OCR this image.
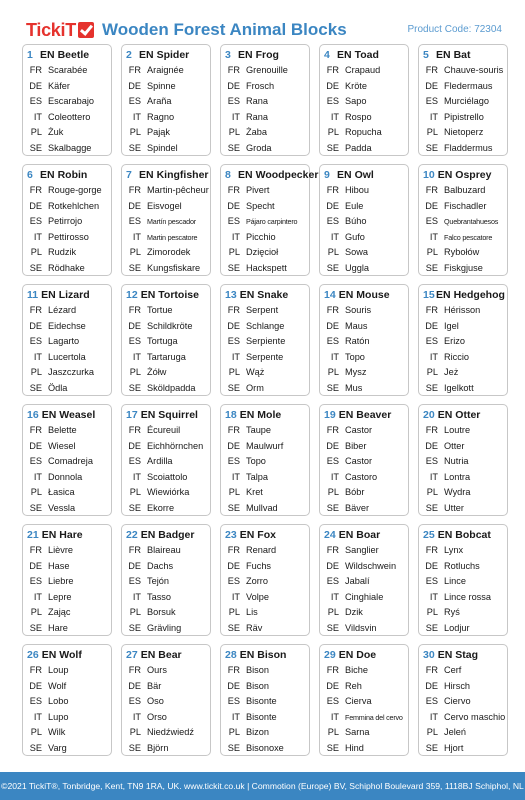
TickiT Wooden Forest Animal Blocks	Product Code: 72304
1 EN Beetle
FR Scarabée
DE Käfer
ES Escarabajo
IT Coleottero
PL Żuk
SE Skalbagge
2 EN Spider
FR Araignée
DE Spinne
ES Araña
IT Ragno
PL Pająk
SE Spindel
3 EN Frog
FR Grenouille
DE Frosch
ES Rana
IT Rana
PL Żaba
SE Groda
4 EN Toad
FR Crapaud
DE Kröte
ES Sapo
IT Rospo
PL Ropucha
SE Padda
5 EN Bat
FR Chauve-souris
DE Fledermaus
ES Murciélago
IT Pipistrello
PL Nietoperz
SE Fladdermus
6 EN Robin
FR Rouge-gorge
DE Rotkehlchen
ES Petirrojo
IT Pettirosso
PL Rudzik
SE Rödhake
7 EN Kingfisher
FR Martin-pêcheur
DE Eisvogel
ES Martín pescador
IT Martin pescatore
PL Zimorodek
SE Kungsfiskare
8 EN Woodpecker
FR Pivert
DE Specht
ES Pájaro carpintero
IT Picchio
PL Dzięcioł
SE Hackspett
9 EN Owl
FR Hibou
DE Eule
ES Búho
IT Gufo
PL Sowa
SE Uggla
10 EN Osprey
FR Balbuzard
DE Fischadler
ES Quebrantahuesos
IT Falco pescatore
PL Rybołów
SE Fiskgjuse
11 EN Lizard
FR Lézard
DE Eidechse
ES Lagarto
IT Lucertola
PL Jaszczurka
SE Ödla
12 EN Tortoise
FR Tortue
DE Schildkröte
ES Tortuga
IT Tartaruga
PL Żółw
SE Sköldpadda
13 EN Snake
FR Serpent
DE Schlange
ES Serpiente
IT Serpente
PL Wąż
SE Orm
14 EN Mouse
FR Souris
DE Maus
ES Ratón
IT Topo
PL Mysz
SE Mus
15 EN Hedgehog
FR Hérisson
DE Igel
ES Erizo
IT Riccio
PL Jeż
SE Igelkott
16 EN Weasel
FR Belette
DE Wiesel
ES Comadreja
IT Donnola
PL Łasica
SE Vessla
17 EN Squirrel
FR Écureuil
DE Eichhörnchen
ES Ardilla
IT Scoiattolo
PL Wiewiórka
SE Ekorre
18 EN Mole
FR Taupe
DE Maulwurf
ES Topo
IT Talpa
PL Kret
SE Mullvad
19 EN Beaver
FR Castor
DE Biber
ES Castor
IT Castoro
PL Bóbr
SE Bäver
20 EN Otter
FR Loutre
DE Otter
ES Nutria
IT Lontra
PL Wydra
SE Utter
21 EN Hare
FR Lièvre
DE Hase
ES Liebre
IT Lepre
PL Zając
SE Hare
22 EN Badger
FR Blaireau
DE Dachs
ES Tejón
IT Tasso
PL Borsuk
SE Grävling
23 EN Fox
FR Renard
DE Fuchs
ES Zorro
IT Volpe
PL Lis
SE Räv
24 EN Boar
FR Sanglier
DE Wildschwein
ES Jabalí
IT Cinghiale
PL Dzik
SE Vildsvin
25 EN Bobcat
FR Lynx
DE Rotluchs
ES Lince
IT Lince rossa
PL Ryś
SE Lodjur
26 EN Wolf
FR Loup
DE Wolf
ES Lobo
IT Lupo
PL Wilk
SE Varg
27 EN Bear
FR Ours
DE Bär
ES Oso
IT Orso
PL Niedźwiedź
SE Björn
28 EN Bison
FR Bison
DE Bison
ES Bisonte
IT Bisonte
PL Bizon
SE Bisonoxe
29 EN Doe
FR Biche
DE Reh
ES Cierva
IT Femmina del cervo
PL Sarna
SE Hind
30 EN Stag
FR Cerf
DE Hirsch
ES Ciervo
IT Cervo maschio
PL Jeleń
SE Hjort
©2021 TickiT®, Tonbridge, Kent, TN9 1RA, UK. www.tickit.co.uk | Commotion (Europe) BV, Schiphol Boulevard 359, 1118BJ Schiphol, NL
